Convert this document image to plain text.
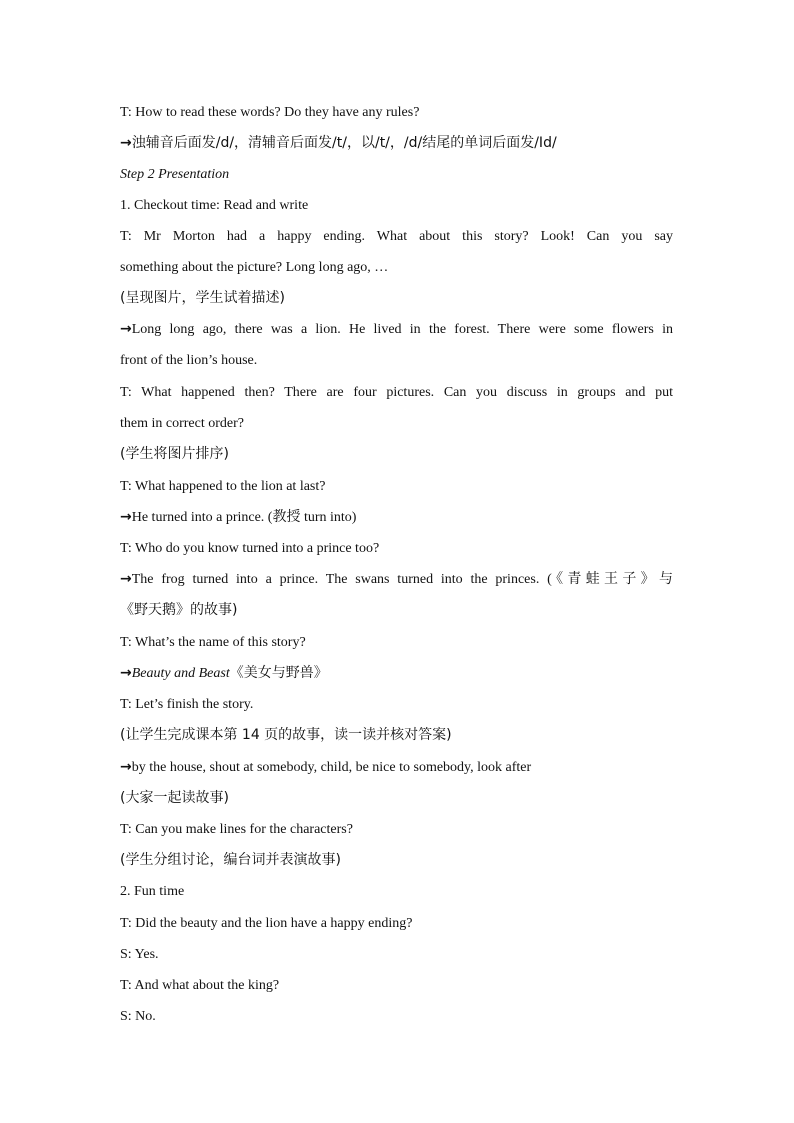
T: How to read these words? Do they have any rules?
→浊辅音后面发/d/，清辅音后面发/t/，以/t/，/d/结尾的单词后面发/Id/
Step 2 Presentation
1. Checkout time: Read and write
T: Mr Morton had a happy ending. What about this story? Look! Can you say
something about the picture? Long long ago, …
(呈现图片，学生试着描述)
→Long long ago, there was a lion. He lived in the forest. There were some flowers in
front of the lion’s house.
T: What happened then? There are four pictures. Can you discuss in groups and put
them in correct order?
(学生将图片排序)
T: What happened to the lion at last?
→He turned into a prince. (教授 turn into)
T: Who do you know turned into a prince too?
→The frog turned into a prince. The swans turned into the princes. (《青蛙王子》与
《野天鹅》的故事)
T: What’s the name of this story?
→Beauty and Beast《美女与野兽》
T: Let’s finish the story.
(让学生完成课本第 14 页的故事，读一读并核对答案)
→by the house, shout at somebody, child, be nice to somebody, look after
(大家一起读故事)
T: Can you make lines for the characters?
(学生分组讨论，编台词并表演故事)
2. Fun time
T: Did the beauty and the lion have a happy ending?
S: Yes.
T: And what about the king?
S: No.
